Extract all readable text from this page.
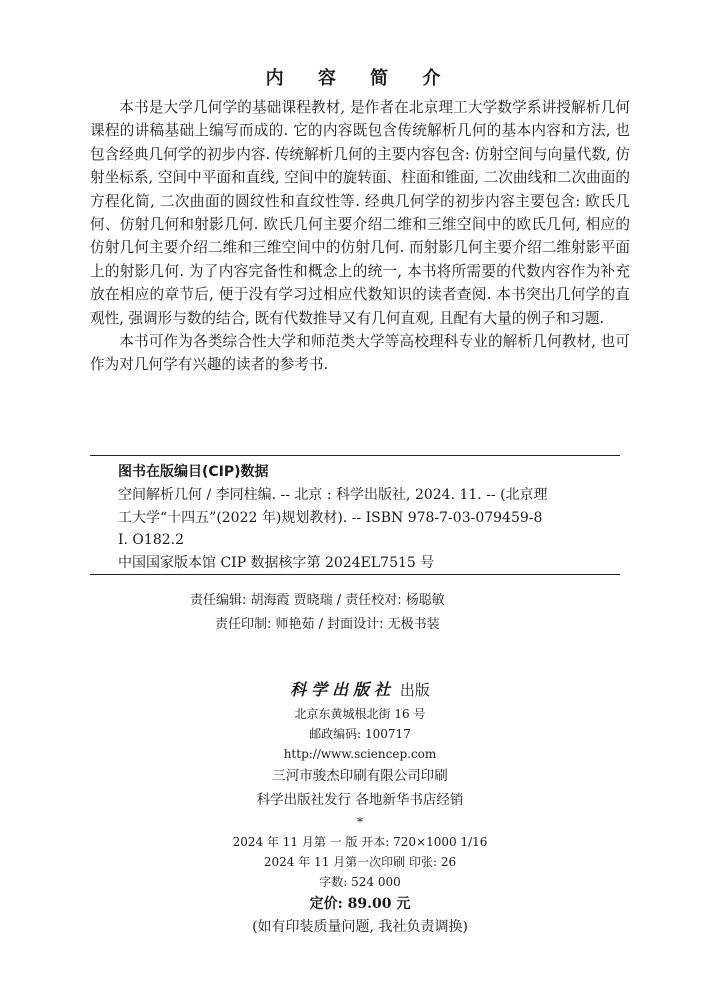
内 容 简 介

本书是大学几何学的基础课程教材, 是作者在北京理工大学数学系讲授解析几何课程的讲稿基础上编写而成的. 它的内容既包含传统解析几何的基本内容和方法, 也包含经典几何学的初步内容. 传统解析几何的主要内容包含: 仿射空间与向量代数, 仿射坐标系, 空间中平面和直线, 空间中的旋转面、柱面和锥面, 二次曲线和二次曲面的方程化简, 二次曲面的圆纹性和直纹性等. 经典几何学的初步内容主要包含: 欧氏几何、仿射几何和射影几何. 欧氏几何主要介绍二维和三维空间中的欧氏几何, 相应的仿射几何主要介绍二维和三维空间中的仿射几何. 而射影几何主要介绍二维射影平面上的射影几何. 为了内容完备性和概念上的统一, 本书将所需要的代数内容作为补充放在相应的章节后, 便于没有学习过相应代数知识的读者查阅. 本书突出几何学的直观性, 强调形与数的结合, 既有代数推导又有几何直观, 且配有大量的例子和习题.

本书可作为各类综合性大学和师范类大学等高校理科专业的解析几何教材, 也可作为对几何学有兴趣的读者的参考书.

图书在版编目(CIP)数据
空间解析几何 / 李同柱编. -- 北京 : 科学出版社, 2024. 11. -- (北京理
工大学“十四五”(2022 年)规划教材). -- ISBN 978-7-03-079459-8
Ⅰ. O182.2
中国国家版本馆 CIP 数据核字第 2024EL7515 号
责任编辑: 胡海霞 贾晓瑞 / 责任校对: 杨聪敏
责任印制: 师艳茹 / 封面设计: 无极书装
科学出版社 出版
北京东黄城根北街 16 号
邮政编码: 100717
http://www.sciencep.com
三河市骏杰印刷有限公司印刷
科学出版社发行 各地新华书店经销
*
2024 年 11 月第 一 版 开本: 720×1000 1/16
2024 年 11 月第一次印刷 印张: 26
字数: 524 000
定价: 89.00 元
(如有印装质量问题, 我社负责调换)
